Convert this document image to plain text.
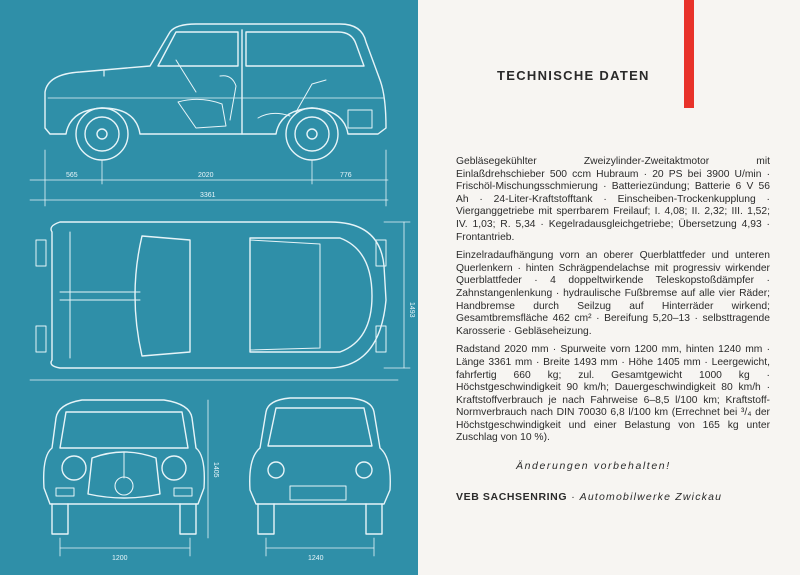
565	2020	776
3361
1493
1405
1200	1240
TECHNISCHE DATEN

Gebläsegekühlter Zweizylinder-Zweitaktmotor mit Einlaßdrehschieber 500 ccm Hubraum · 20 PS bei 3900 U/min · Frischöl-Mischungsschmierung · Batteriezündung; Batterie 6 V 56 Ah · 24-Liter-Kraftstofftank · Einscheiben-Trockenkupplung · Vierganggetriebe mit sperrbarem Freilauf; I. 4,08; II. 2,32; III. 1,52; IV. 1,03; R. 5,34 · Kegelradausgleichgetriebe; Übersetzung 4,93 · Frontantrieb.

Einzelradaufhängung vorn an oberer Querblattfeder und unteren Querlenkern · hinten Schrägpendelachse mit progressiv wirkender Querblattfeder · 4 doppeltwirkende Teleskopstoßdämpfer · Zahnstangenlenkung · hydraulische Fußbremse auf alle vier Räder; Handbremse durch Seilzug auf Hinterräder wirkend; Gesamtbremsfläche 462 cm² · Bereifung 5,20–13 · selbsttragende Karosserie · Gebläseheizung.

Radstand 2020 mm · Spurweite vorn 1200 mm, hinten 1240 mm · Länge 3361 mm · Breite 1493 mm · Höhe 1405 mm · Leergewicht, fahrfertig 660 kg; zul. Gesamtgewicht 1000 kg · Höchstgeschwindigkeit 90 km/h; Dauergeschwindigkeit 80 km/h · Kraftstoffverbrauch je nach Fahrweise 6–8,5 l/100 km; Kraftstoff-Normverbrauch nach DIN 70030 6,8 l/100 km (Errechnet bei ³/₄ der Höchstgeschwindigkeit und einer Belastung von 165 kg unter Zuschlag von 10 %).

Änderungen vorbehalten!
VEB SACHSENRING · Automobilwerke Zwickau
